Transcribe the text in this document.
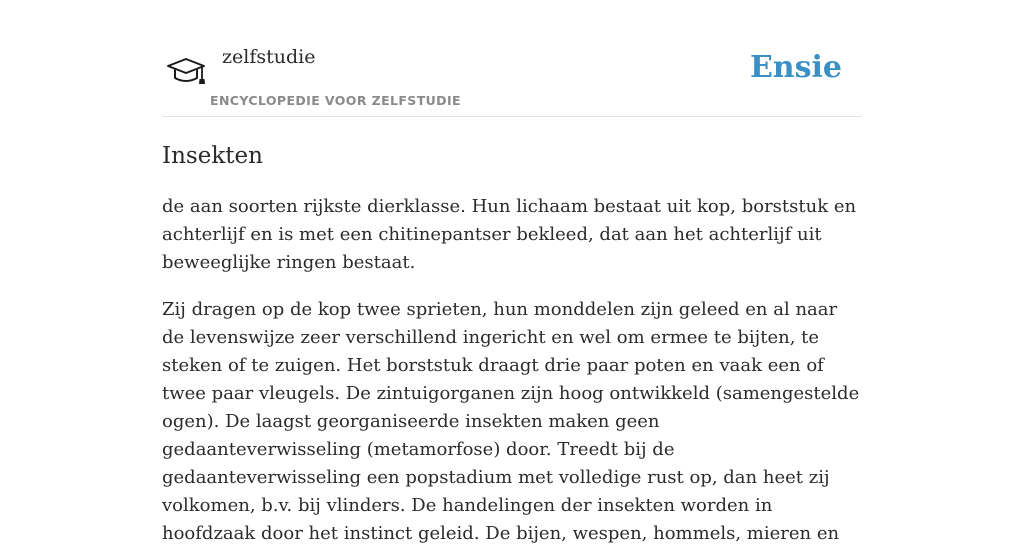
zelfstudie
ENCYCLOPEDIE VOOR ZELFSTUDIE
Ensie
Insekten

de aan soorten rijkste dierklasse. Hun lichaam bestaat uit kop, borststuk en achterlijf en is met een chitinepantser bekleed, dat aan het achterlijf uit beweeglijke ringen bestaat.

Zij dragen op de kop twee sprieten, hun monddelen zijn geleed en al naar de levenswijze zeer verschillend ingericht en wel om ermee te bijten, te steken of te zuigen. Het borststuk draagt drie paar poten en vaak een of twee paar vleugels. De zintuigorganen zijn hoog ontwikkeld (samengestelde ogen). De laagst georganiseerde insekten maken geen gedaanteverwisseling (metamorfose) door. Treedt bij de gedaanteverwisseling een popstadium met volledige rust op, dan heet zij volkomen, b.v. bij vlinders. De handelingen der insekten worden in hoofdzaak door het instinct geleid. De bijen, wespen, hommels, mieren en
